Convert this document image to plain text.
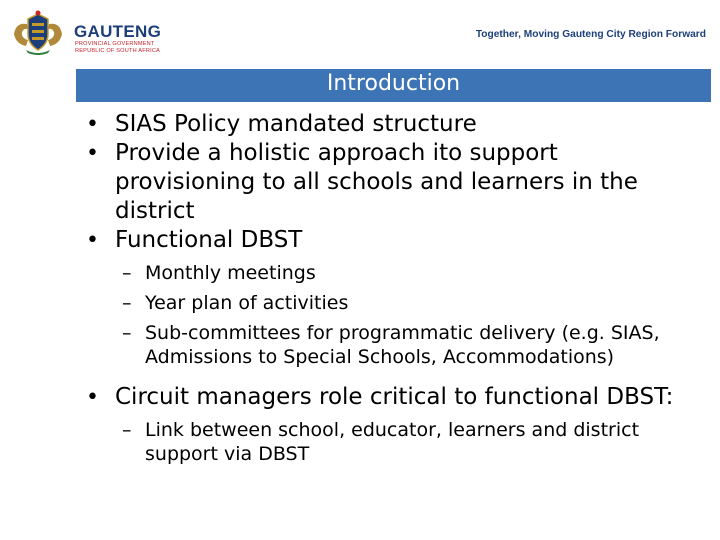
GAUTENG
PROVINCIAL GOVERNMENT
REPUBLIC OF SOUTH AFRICA
Together, Moving Gauteng City Region Forward
Introduction
• SIAS Policy mandated structure
• Provide a holistic approach ito support provisioning to all schools and learners in the district
• Functional DBST
– Monthly meetings
– Year plan of activities
– Sub-committees for programmatic delivery (e.g. SIAS, Admissions to Special Schools, Accommodations)
• Circuit managers role critical to functional DBST:
– Link between school, educator, learners and district support via DBST
